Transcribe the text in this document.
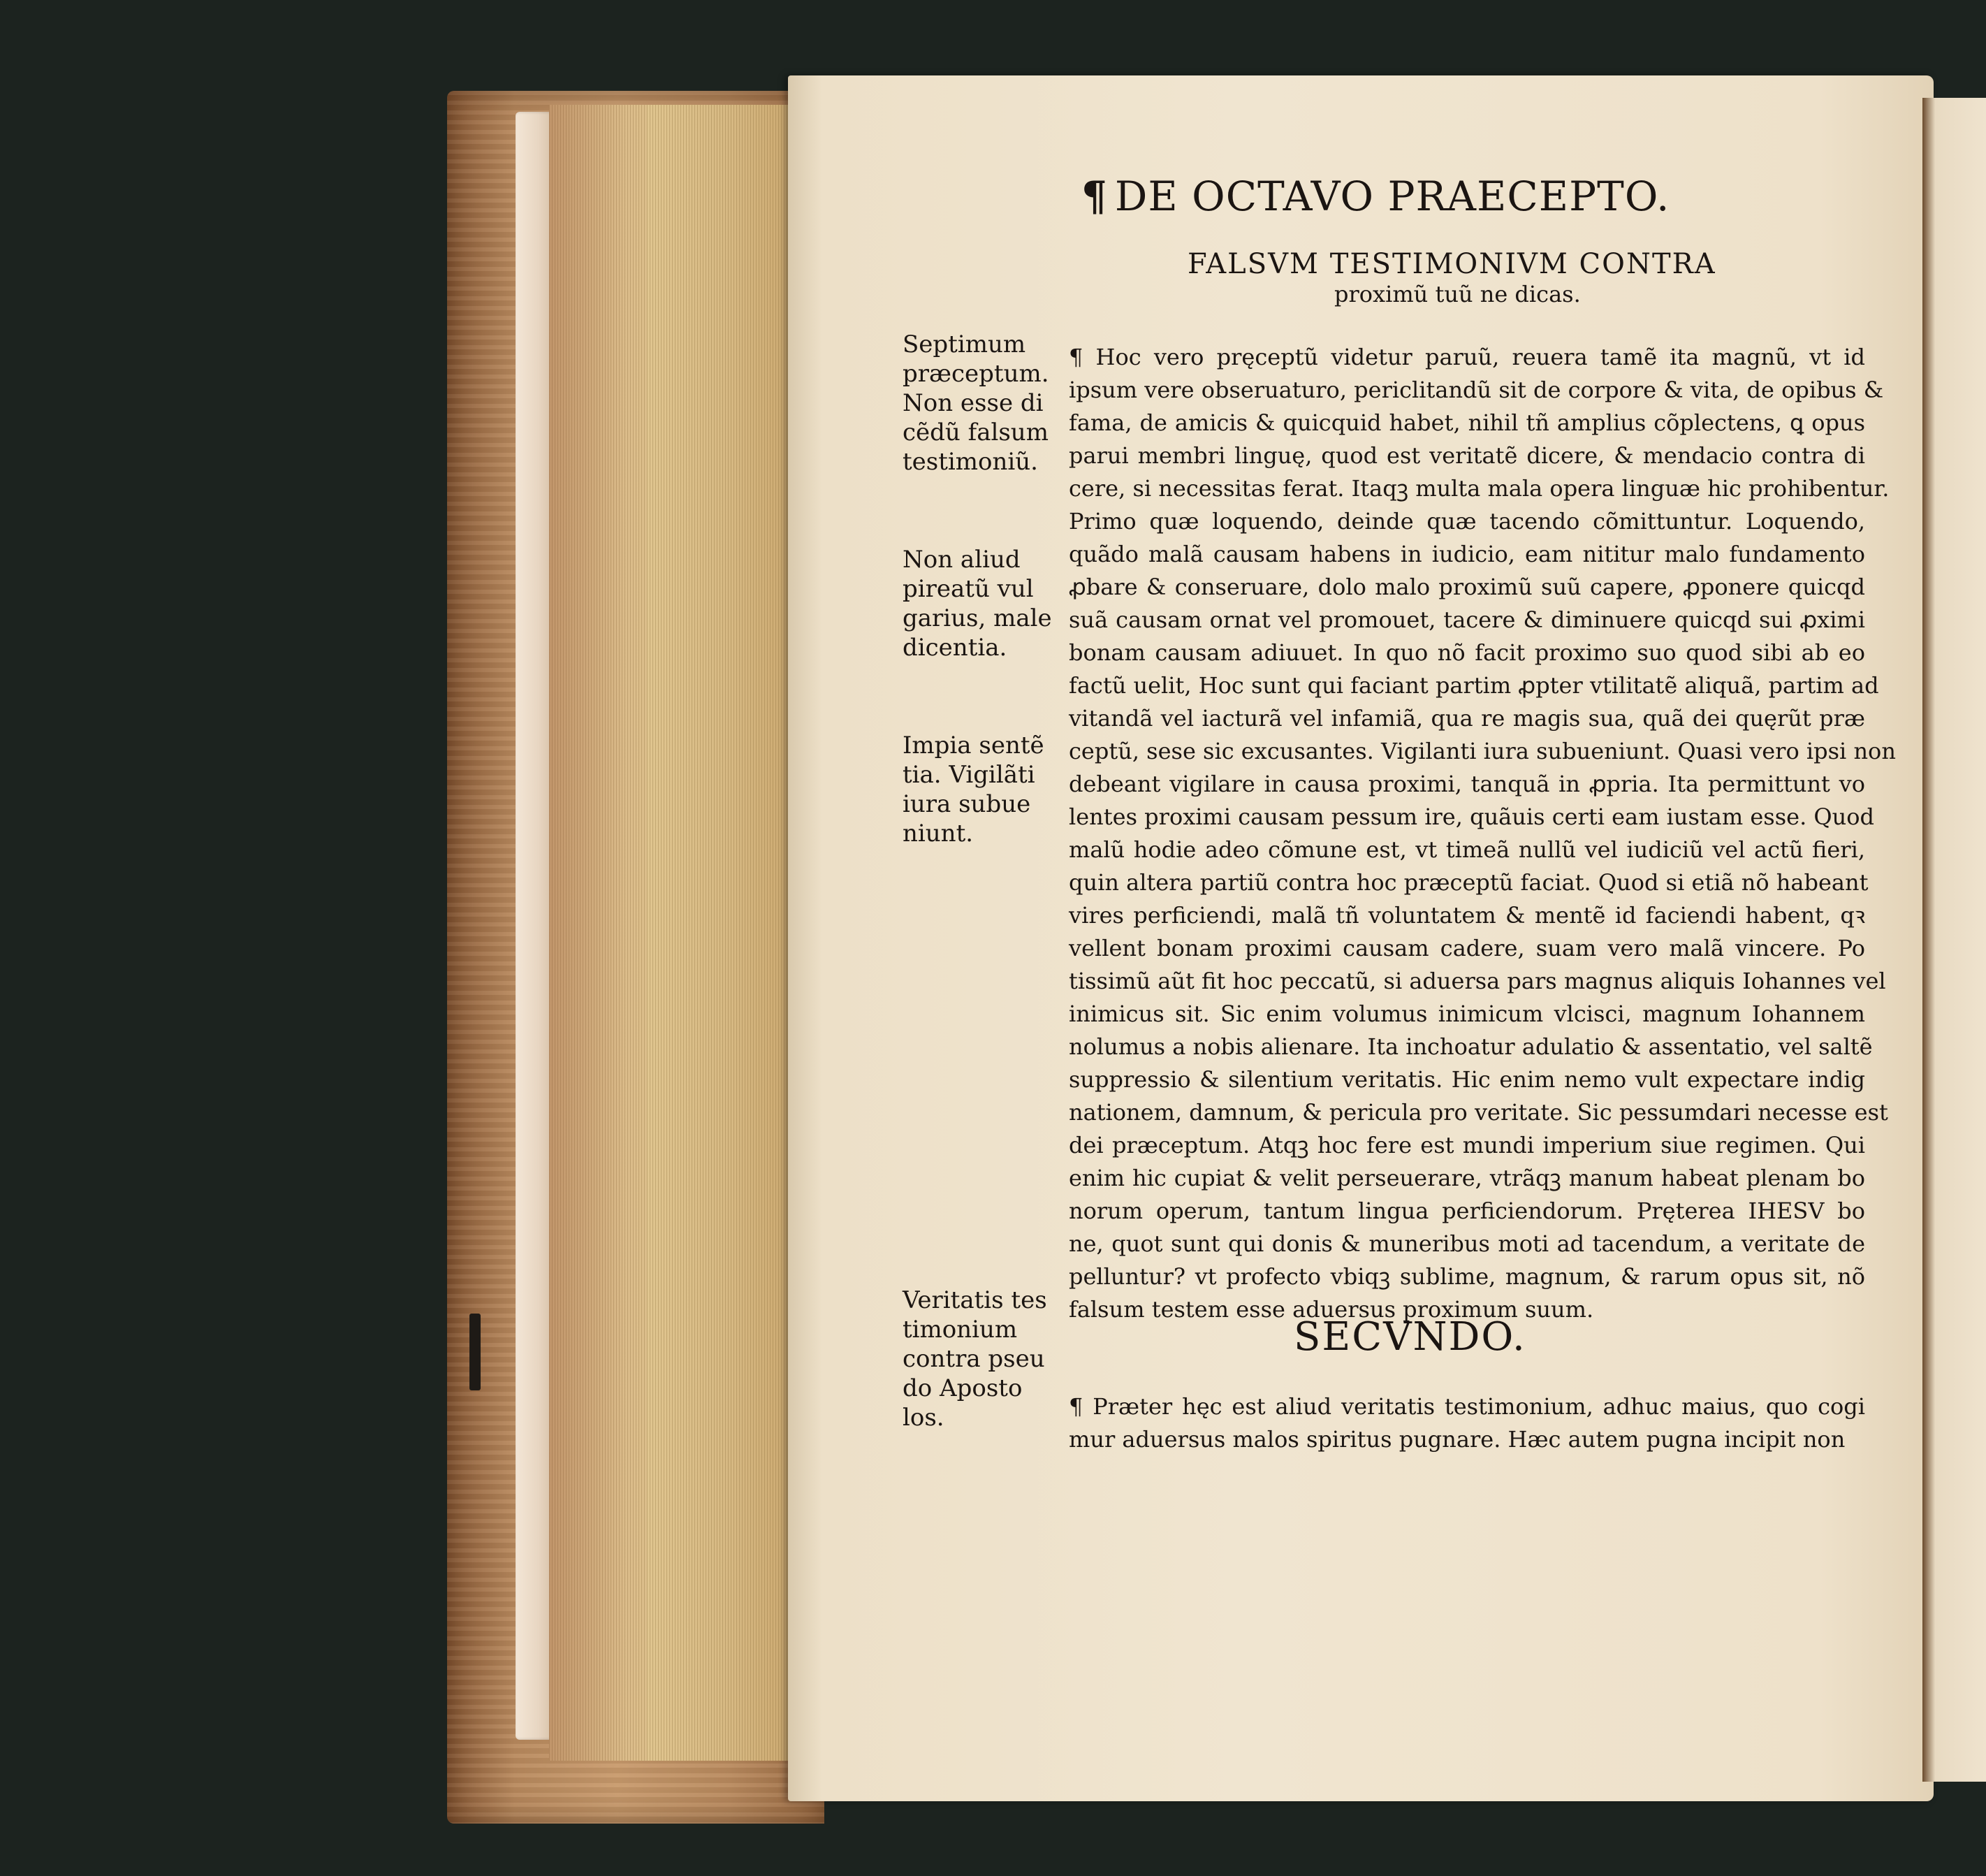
¶ DE OCTAVO PRAECEPTO.
FALSVM TESTIMONIVM CONTRA
proximũ tuũ ne dicas.
¶ Hoc vero pręceptũ videtur paruũ, reuera tamẽ ita magnũ, vt id
ipsum vere obseruaturo, periclitandũ sit de corpore & vita, de opibus &
fama, de amicis & quicquid habet, nihil tñ amplius cõplectens, ꝗ opus
parui membri linguę, quod est veritatẽ dicere, & mendacio contra di
cere, si necessitas ferat. Itaqꝫ multa mala opera linguæ hic prohibentur.
Primo quæ loquendo, deinde quæ tacendo cõmittuntur. Loquendo,
quãdo malã causam habens in iudicio, eam nititur malo fundamento
ꝓbare & conseruare, dolo malo proximũ suũ capere, ꝓponere quicqd
suã causam ornat vel promouet, tacere & diminuere quicqd sui ꝓximi
bonam causam adiuuet. In quo nõ facit proximo suo quod sibi ab eo
factũ uelit, Hoc sunt qui faciant partim ꝓpter vtilitatẽ aliquã, partim ad
vitandã vel iacturã vel infamiã, qua re magis sua, quã dei quęrũt præ
ceptũ, sese sic excusantes. Vigilanti iura subueniunt. Quasi vero ipsi non
debeant vigilare in causa proximi, tanquã in ꝓpria. Ita permittunt vo
lentes proximi causam pessum ire, quãuis certi eam iustam esse. Quod
malũ hodie adeo cõmune est, vt timeã nullũ vel iudiciũ vel actũ fieri,
quin altera partiũ contra hoc præceptũ faciat. Quod si etiã nõ habeant
vires perficiendi, malã tñ voluntatem & mentẽ id faciendi habent, qꝛ
vellent bonam proximi causam cadere, suam vero malã vincere. Po
tissimũ aũt fit hoc peccatũ, si aduersa pars magnus aliquis Iohannes vel
inimicus sit. Sic enim volumus inimicum vlcisci, magnum Iohannem
nolumus a nobis alienare. Ita inchoatur adulatio & assentatio, vel saltẽ
suppressio & silentium veritatis. Hic enim nemo vult expectare indig
nationem, damnum, & pericula pro veritate. Sic pessumdari necesse est
dei præceptum. Atqꝫ hoc fere est mundi imperium siue regimen. Qui
enim hic cupiat & velit perseuerare, vtrãqꝫ manum habeat plenam bo
norum operum, tantum lingua perficiendorum. Pręterea IHESV bo
ne, quot sunt qui donis & muneribus moti ad tacendum, a veritate de
pelluntur? vt profecto vbiqꝫ sublime, magnum, & rarum opus sit, nõ
falsum testem esse aduersus proximum suum.
SECVNDO.
¶ Præter hęc est aliud veritatis testimonium, adhuc maius, quo cogi
mur aduersus malos spiritus pugnare. Hæc autem pugna incipit non
Septimum
præceptum.
Non esse di
cẽdũ falsum
testimoniũ.
Non aliud
pireatũ vul
garius, male
dicentia.
Impia sentẽ
tia. Vigilãti
iura subue
niunt.
Veritatis tes
timonium
contra pseu
do Aposto
los.
